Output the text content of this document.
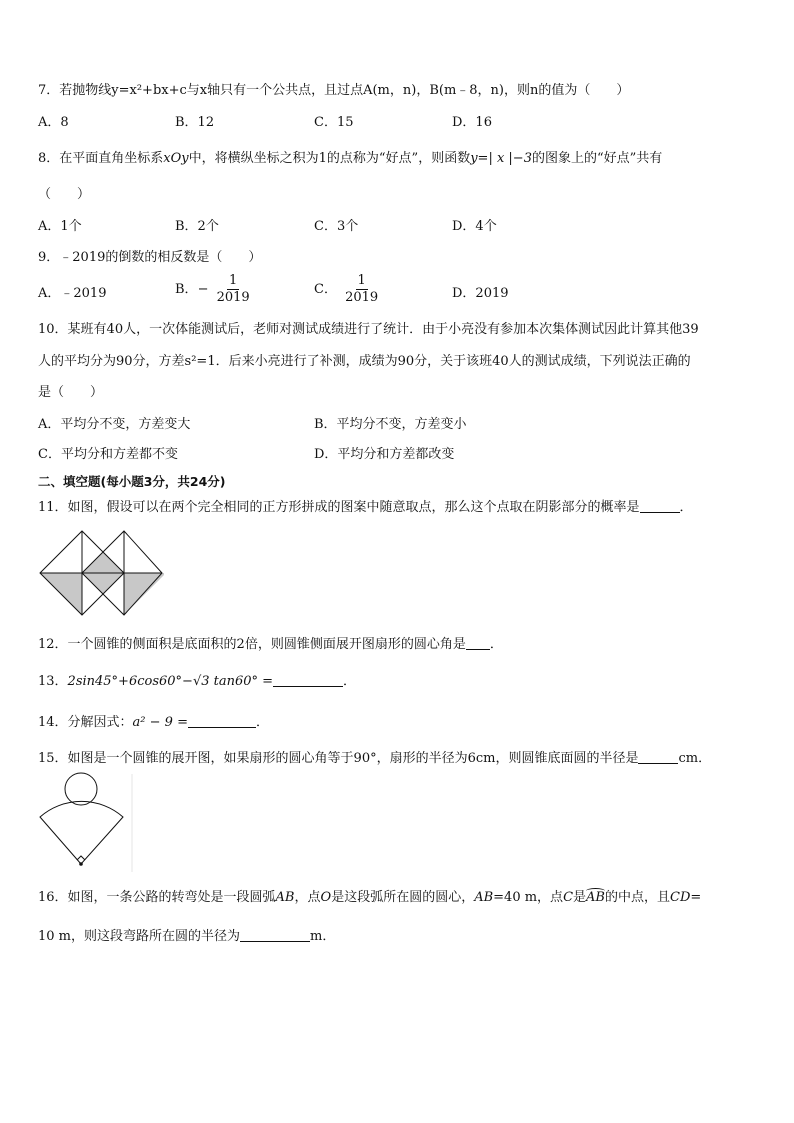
7．若抛物线y=x²+bx+c与x轴只有一个公共点，且过点A(m，n)，B(m﹣8，n)，则n的值为（　　）
A．8	B．12	C．15	D．16
8．在平面直角坐标系xOy中，将横纵坐标之积为1的点称为“好点”，则函数y=| x |−3的图象上的“好点”共有
（　　）
A．1个	B．2个	C．3个	D．4个
9．﹣2019的倒数的相反数是（　　）
A．﹣2019	B．− $\frac{1}{2019}$	C． $\frac{1}{2019}$	D．2019
10．某班有40人，一次体能测试后，老师对测试成绩进行了统计．由于小亮没有参加本次集体测试因此计算其他39
人的平均分为90分，方差s²=1．后来小亮进行了补测，成绩为90分，关于该班40人的测试成绩，下列说法正确的
是（　　）
A．平均分不变，方差变大	B．平均分不变，方差变小
C．平均分和方差都不变	D．平均分和方差都改变
二、填空题(每小题3分，共24分)
11．如图，假设可以在两个完全相同的正方形拼成的图案中随意取点，那么这个点取在阴影部分的概率是	．
12．一个圆锥的侧面积是底面积的2倍，则圆锥侧面展开图扇形的圆心角是 ．
13．2sin45°+6cos60°−√3 tan60° =	．
14．分解因式：a² − 9 =	．
15．如图是一个圆锥的展开图，如果扇形的圆心角等于90°，扇形的半径为6cm，则圆锥底面圆的半径是	cm．
16．如图，一条公路的转弯处是一段圆弧AB，点O是这段弧所在圆的圆心，AB=40 m，点C是AB的中点，且CD=
10 m，则这段弯路所在圆的半径为	m．
